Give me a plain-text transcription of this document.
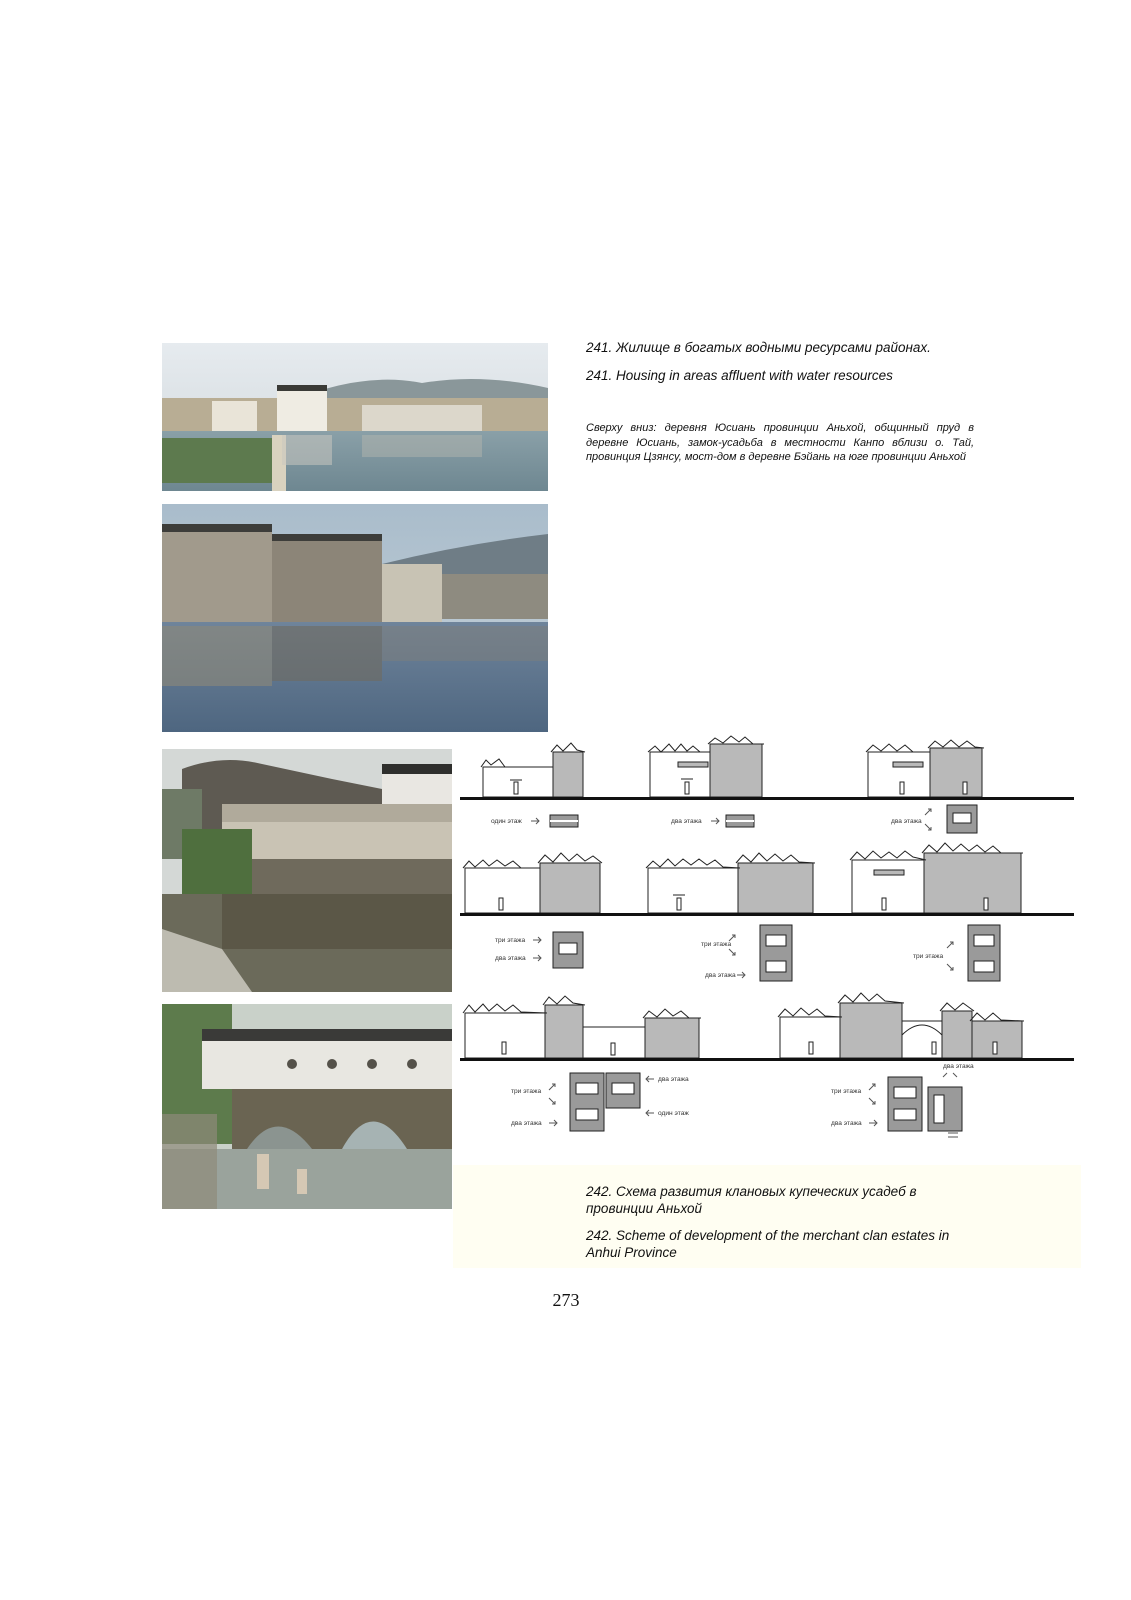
241. Жилище в богатых водными ресурсами районах.
241. Housing in areas affluent with water resources
Сверху вниз: деревня Юсиань провинции Аньхой, общинный пруд в деревне Юсиань, замок-усадьба в местности Канпо вблизи о. Тай, провинция Цзянсу, мост-дом в деревне Бэйань на юге провинции Аньхой
один этаж	два этажа	два этажа
три этажа
два этажа
три этажа
два этажа
три этажа
три этажа
два этажа
два этажа
один этаж
три этажа
два этажа
два этажа
242. Схема развития клановых купеческих усадеб в провинции Аньхой
242. Scheme of development of the merchant clan estates in Anhui Province
273
